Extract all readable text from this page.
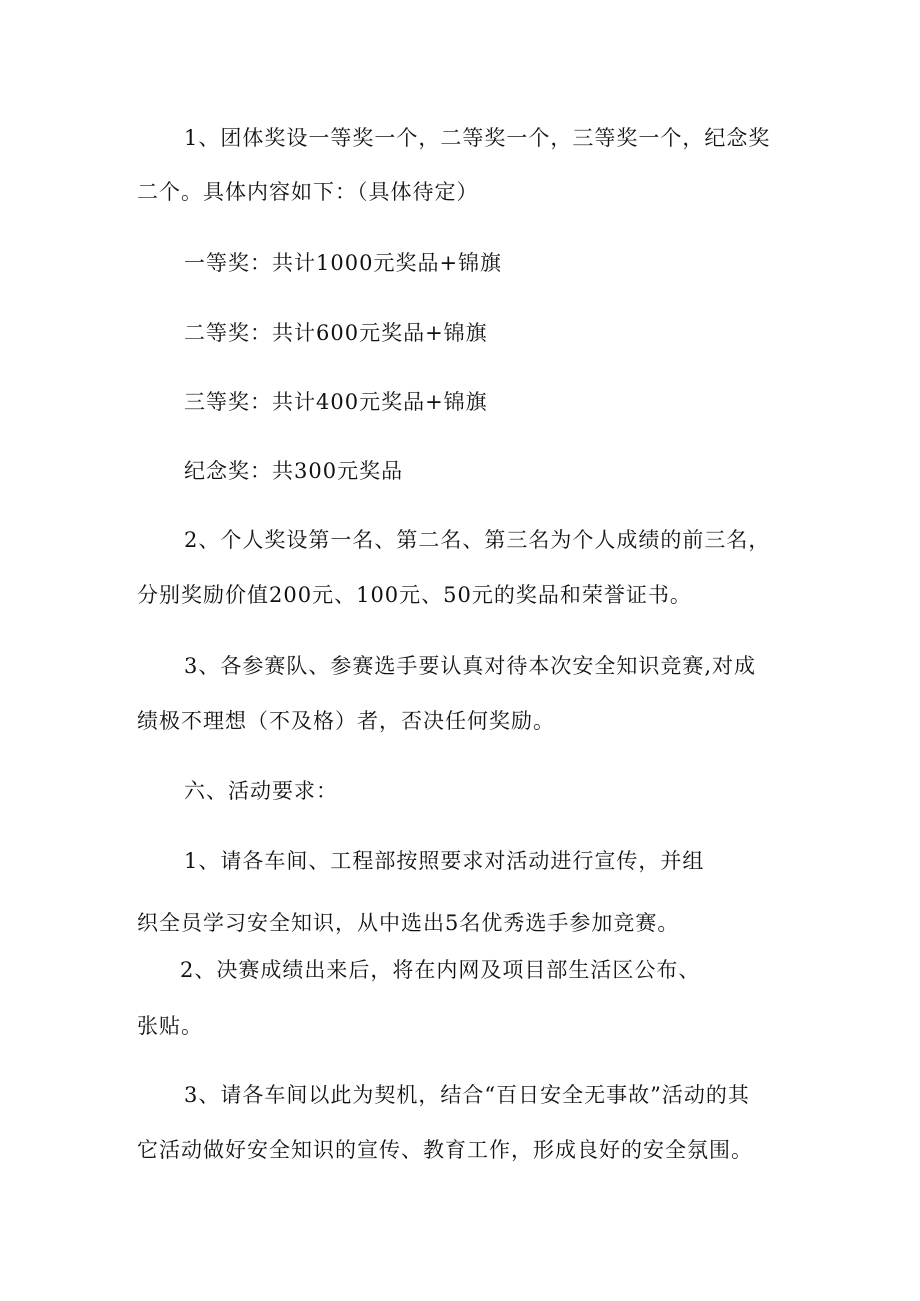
1、团体奖设一等奖一个，二等奖一个，三等奖一个，纪念奖
二个。具体内容如下：（具体待定）
一等奖：共计1000元奖品+锦旗
二等奖：共计600元奖品+锦旗
三等奖：共计400元奖品+锦旗
纪念奖：共300元奖品
2、个人奖设第一名、第二名、第三名为个人成绩的前三名，
分别奖励价值200元、100元、50元的奖品和荣誉证书。
3、各参赛队、参赛选手要认真对待本次安全知识竞赛,对成
绩极不理想（不及格）者，否决任何奖励。
六、活动要求：
1、请各车间、工程部按照要求对活动进行宣传，并组
织全员学习安全知识，从中选出5名优秀选手参加竞赛。
2、决赛成绩出来后，将在内网及项目部生活区公布、
张贴。
3、请各车间以此为契机，结合“百日安全无事故”活动的其
它活动做好安全知识的宣传、教育工作，形成良好的安全氛围。
